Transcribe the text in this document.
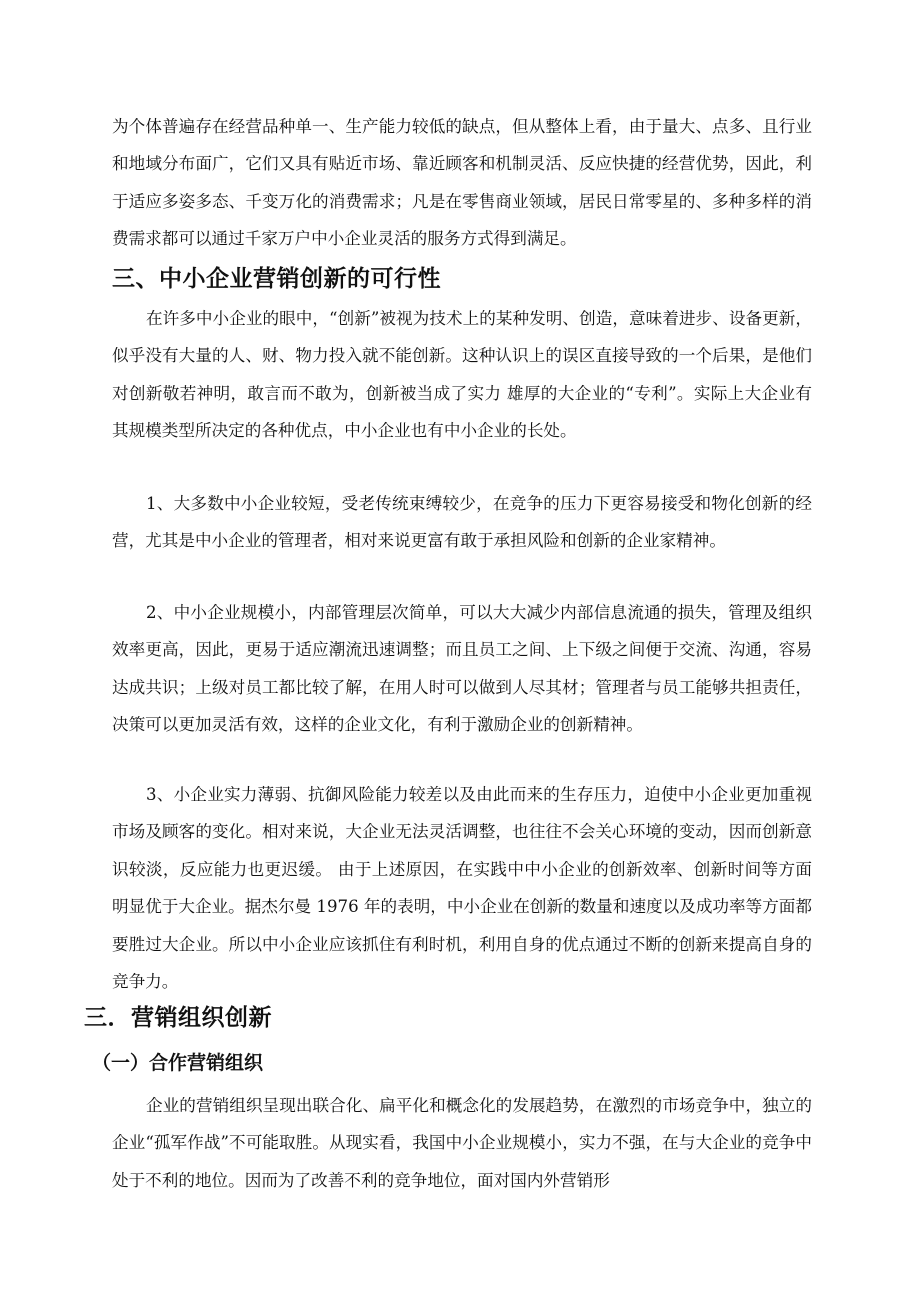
为个体普遍存在经营品种单一、生产能力较低的缺点，但从整体上看，由于量大、点多、且行业和地域分布面广，它们又具有贴近市场、靠近顾客和机制灵活、反应快捷的经营优势，因此，利于适应多姿多态、千变万化的消费需求；凡是在零售商业领域，居民日常零星的、多种多样的消费需求都可以通过千家万户中小企业灵活的服务方式得到满足。

三、中小企业营销创新的可行性

在许多中小企业的眼中，“创新”被视为技术上的某种发明、创造，意味着进步、设备更新，似乎没有大量的人、财、物力投入就不能创新。这种认识上的误区直接导致的一个后果，是他们对创新敬若神明，敢言而不敢为，创新被当成了实力 雄厚的大企业的“专利”。实际上大企业有其规模类型所决定的各种优点，中小企业也有中小企业的长处。

1、大多数中小企业较短，受老传统束缚较少，在竞争的压力下更容易接受和物化创新的经营，尤其是中小企业的管理者，相对来说更富有敢于承担风险和创新的企业家精神。

2、中小企业规模小，内部管理层次简单，可以大大减少内部信息流通的损失，管理及组织效率更高，因此，更易于适应潮流迅速调整；而且员工之间、上下级之间便于交流、沟通，容易达成共识；上级对员工都比较了解，在用人时可以做到人尽其材；管理者与员工能够共担责任，决策可以更加灵活有效，这样的企业文化，有利于激励企业的创新精神。

3、小企业实力薄弱、抗御风险能力较差以及由此而来的生存压力，迫使中小企业更加重视市场及顾客的变化。相对来说，大企业无法灵活调整，也往往不会关心环境的变动，因而创新意识较淡，反应能力也更迟缓。 由于上述原因，在实践中中小企业的创新效率、创新时间等方面明显优于大企业。据杰尔曼 1976 年的表明，中小企业在创新的数量和速度以及成功率等方面都要胜过大企业。所以中小企业应该抓住有利时机，利用自身的优点通过不断的创新来提高自身的竞争力。

三．营销组织创新
（一）合作营销组织

企业的营销组织呈现出联合化、扁平化和概念化的发展趋势，在激烈的市场竞争中，独立的企业“孤军作战”不可能取胜。从现实看，我国中小企业规模小，实力不强，在与大企业的竞争中处于不利的地位。因而为了改善不利的竞争地位，面对国内外营销形
